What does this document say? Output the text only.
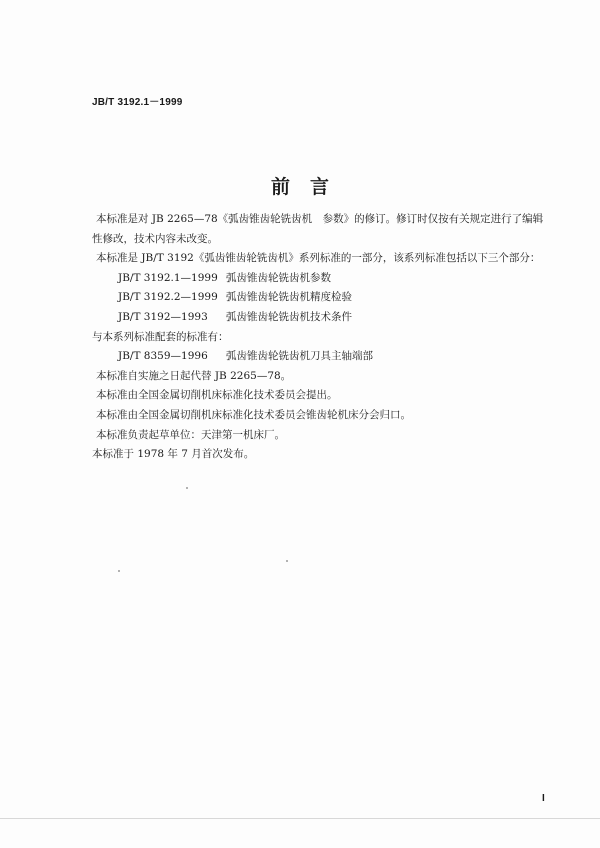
JB/T 3192.1－1999
前言
本标准是对 JB 2265—78《弧齿锥齿轮铣齿机　参数》的修订。修订时仅按有关规定进行了编辑
性修改，技术内容未改变。
本标准是 JB/T 3192《弧齿锥齿轮铣齿机》系列标准的一部分，该系列标准包括以下三个部分：
JB/T 3192.1—1999 弧齿锥齿轮铣齿机 参数
JB/T 3192.2—1999 弧齿锥齿轮铣齿机 精度检验
JB/T 3192—1993	弧齿锥齿轮铣齿机 技术条件
与本系列标准配套的标准有：
JB/T 8359—1996	弧齿锥齿轮铣齿机 刀具主轴端部
本标准自实施之日起代替 JB 2265—78。
本标准由全国金属切削机床标准化技术委员会提出。
本标准由全国金属切削机床标准化技术委员会锥齿轮机床分会归口。
本标准负责起草单位：天津第一机床厂。
本标准于 1978 年 7 月首次发布。
I
